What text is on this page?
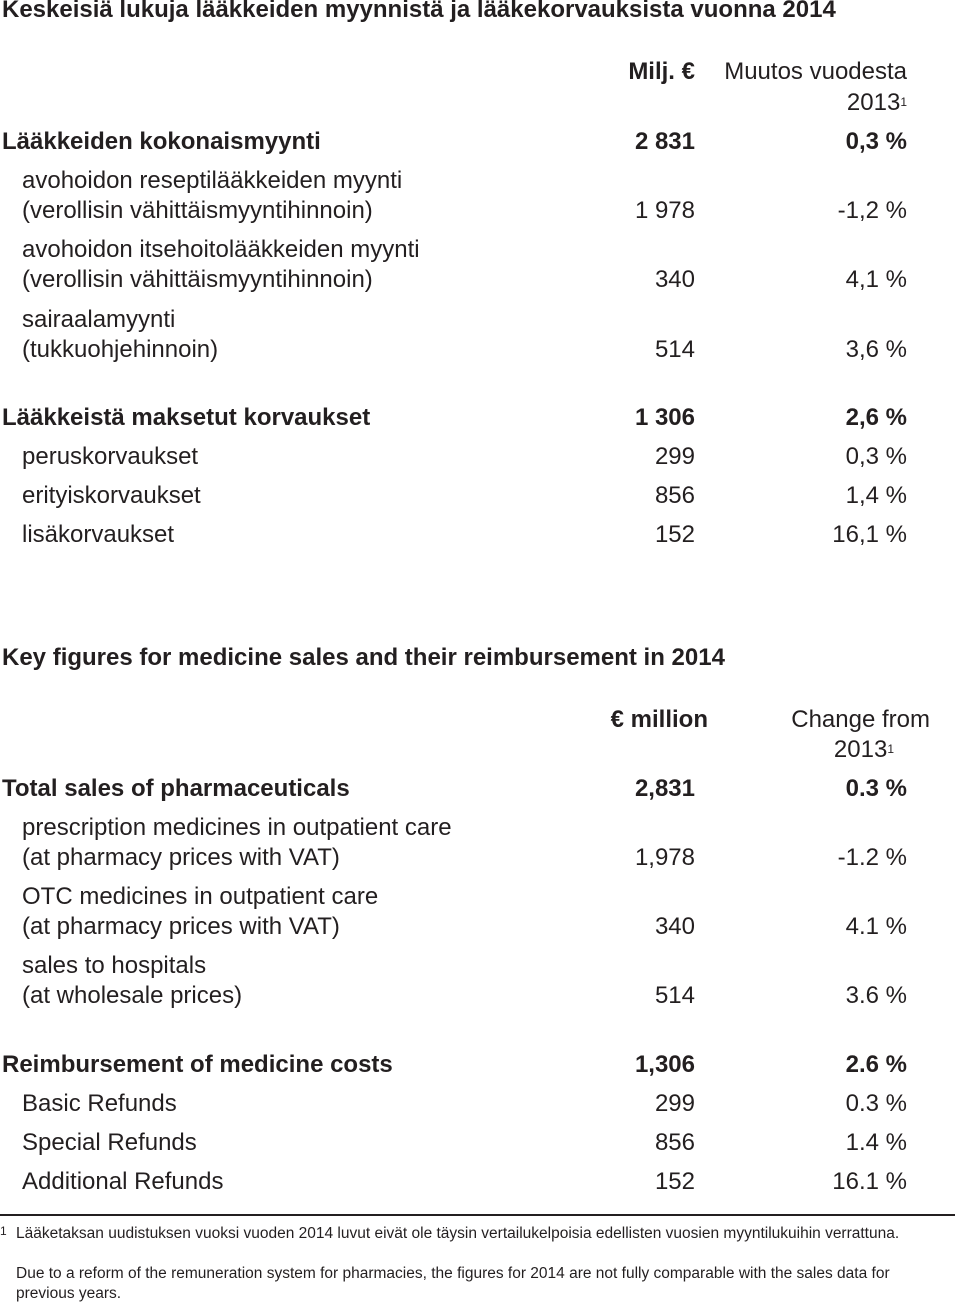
Keskeisiä lukuja lääkkeiden myynnistä ja lääkekorvauksista vuonna 2014
Milj. € Muutos vuodesta
2013$^1$
Lääkkeiden kokonaismyynti	2 831	0,3 %
avohoidon reseptilääkkeiden myynti
(verollisin vähittäismyyntihinnoin)	1 978	-1,2 %
avohoidon itsehoitolääkkeiden myynti
(verollisin vähittäismyyntihinnoin)	340	4,1 %
sairaalamyynti
(tukkuohjehinnoin)	514	3,6 %
Lääkkeistä maksetut korvaukset	1 306	2,6 %
peruskorvaukset	299	0,3 %
erityiskorvaukset	856	1,4 %
lisäkorvaukset	152	16,1 %
Key figures for medicine sales and their reimbursement in 2014
€ million	Change from
2013$^1$
Total sales of pharmaceuticals	2,831	0.3 %
prescription medicines in outpatient care
(at pharmacy prices with VAT)	1,978	-1.2 %
OTC medicines in outpatient care
(at pharmacy prices with VAT)	340	4.1 %
sales to hospitals
(at wholesale prices)	514	3.6 %
Reimbursement of medicine costs	1,306	2.6 %
Basic Refunds	299	0.3 %
Special Refunds	856	1.4 %
Additional Refunds	152	16.1 %
1 Lääketaksan uudistuksen vuoksi vuoden 2014 luvut eivät ole täysin vertailukelpoisia edellisten vuosien myyntilukuihin verrattuna.
Due to a reform of the remuneration system for pharmacies, the figures for 2014 are not fully comparable with the sales data for previous years.
